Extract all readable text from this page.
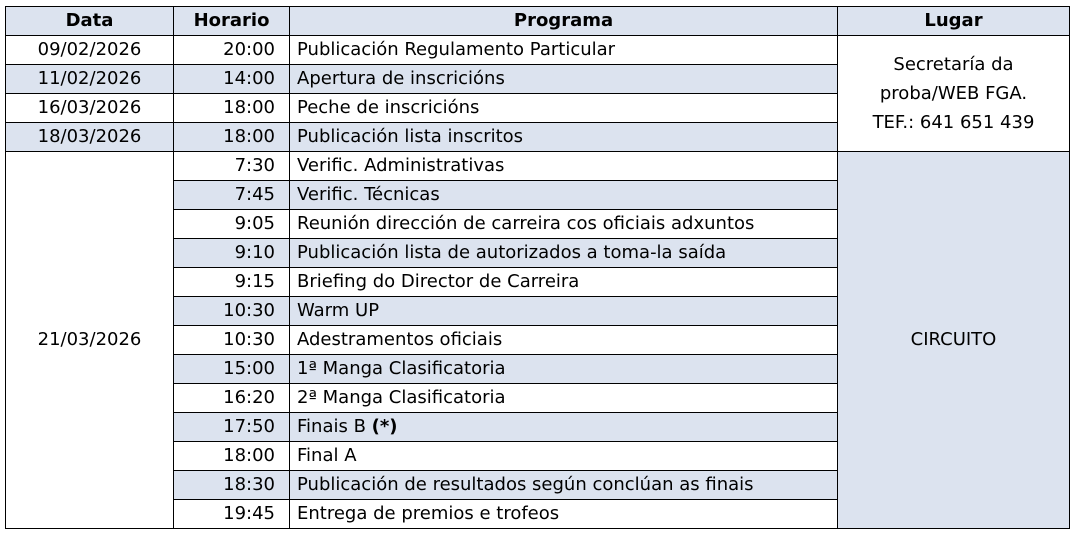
Data	Horario	Programa	Lugar
09/02/2026	20:00	Publicación Regulamento Particular	Secretaría da
proba/WEB FGA.
TEF.: 641 651 439

11/02/2026	14:00	Apertura de inscricións	
16/03/2026	18:00	Peche de inscricións	
18/03/2026	18:00	Publicación lista inscritos	
21/03/2026	7:30	Verific. Administrativas	CIRCUITO
	7:45	Verific. Técnicas	
	9:05	Reunión dirección de carreira cos oficiais adxuntos	
	9:10	Publicación lista de autorizados a toma-la saída	
	9:15	Briefing do Director de Carreira	
	10:30	Warm UP	
	10:30	Adestramentos oficiais	
	15:00	1ª Manga Clasificatoria	
	16:20	2ª Manga Clasificatoria	
	17:50	Finais B (*)	
	18:00	Final A	
	18:30	Publicación de resultados según conclúan as finais	
	19:45	Entrega de premios e trofeos	
